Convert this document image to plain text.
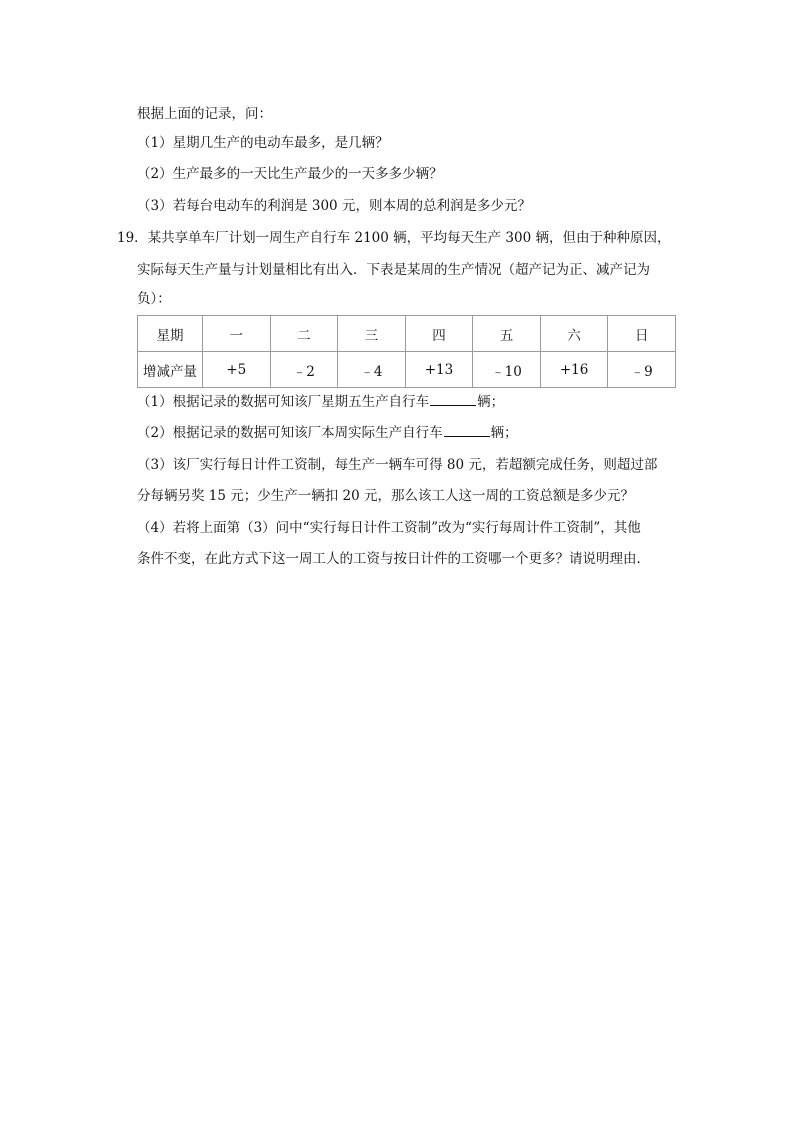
根据上面的记录，问：
（1）星期几生产的电动车最多，是几辆？
（2）生产最多的一天比生产最少的一天多多少辆？
（3）若每台电动车的利润是 300 元，则本周的总利润是多少元？
19．某共享单车厂计划一周生产自行车 2100 辆，平均每天生产 300 辆，但由于种种原因，
实际每天生产量与计划量相比有出入．下表是某周的生产情况（超产记为正、减产记为
负）：
星期	一	二	三	四	五	六	日
增减产量	+5	﹣2	﹣4	+13	﹣10	+16	﹣9
（1）根据记录的数据可知该厂星期五生产自行车	辆；
（2）根据记录的数据可知该厂本周实际生产自行车	辆；
（3）该厂实行每日计件工资制，每生产一辆车可得 80 元，若超额完成任务，则超过部
分每辆另奖 15 元；少生产一辆扣 20 元，那么该工人这一周的工资总额是多少元？
（4）若将上面第（3）问中“实行每日计件工资制”改为“实行每周计件工资制”，其他
条件不变，在此方式下这一周工人的工资与按日计件的工资哪一个更多？请说明理由．
